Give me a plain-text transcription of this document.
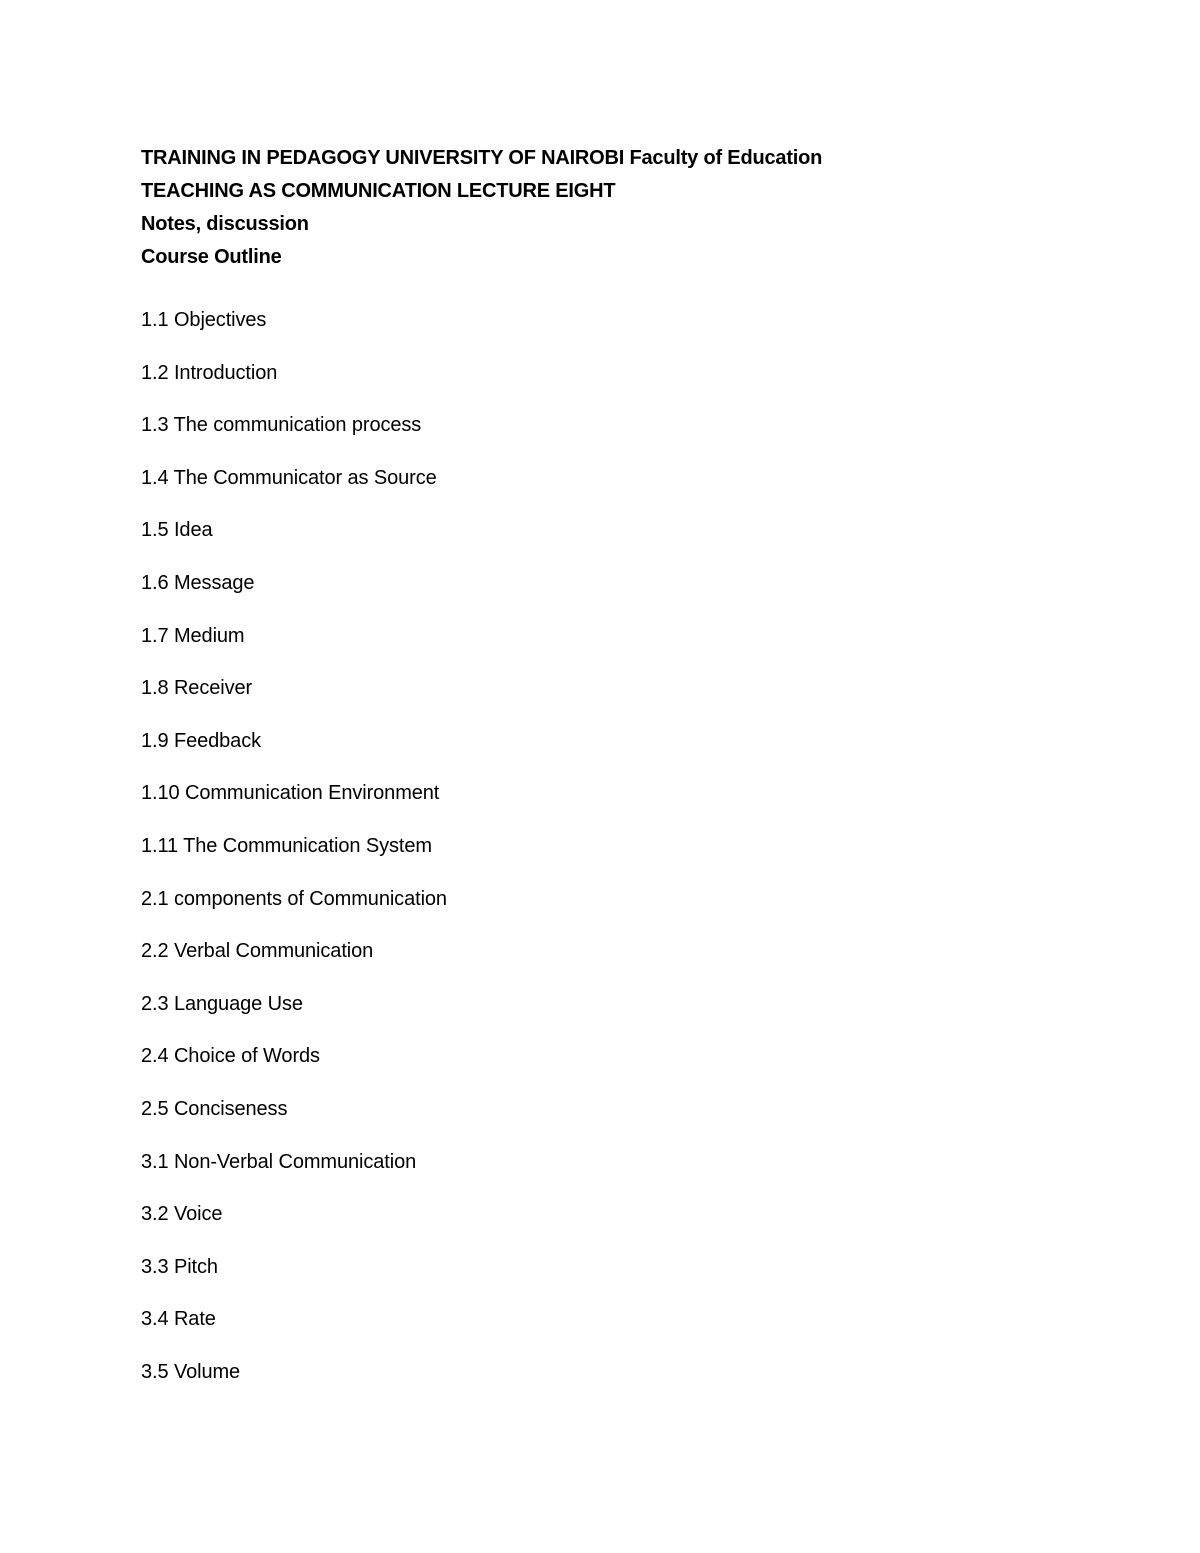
TRAINING IN PEDAGOGY UNIVERSITY OF NAIROBI Faculty of Education
TEACHING AS COMMUNICATION LECTURE EIGHT
Notes, discussion
Course Outline
1.1 Objectives
1.2 Introduction
1.3 The communication process
1.4 The Communicator as Source
1.5 Idea
1.6 Message
1.7 Medium
1.8 Receiver
1.9 Feedback
1.10 Communication Environment
1.11 The Communication System
2.1 components of Communication
2.2 Verbal Communication
2.3 Language Use
2.4 Choice of Words
2.5 Conciseness
3.1 Non-Verbal Communication
3.2 Voice
3.3 Pitch
3.4 Rate
3.5 Volume
